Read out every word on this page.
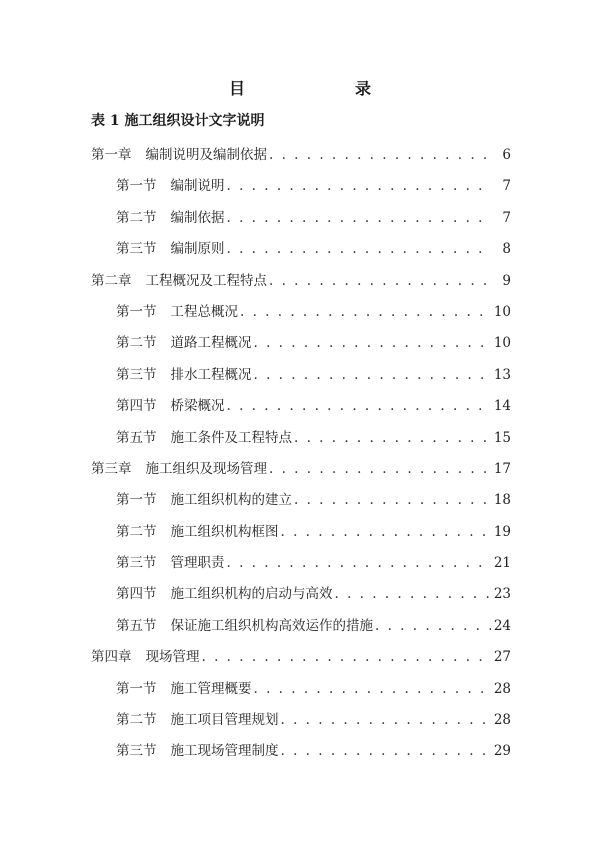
目　　录
表 1 施工组织设计文字说明
第一章 编制说明及编制依据 . . .	6
第一节 编制说明 . . .	7
第二节 编制依据 . . .	7
第三节 编制原则 . . .	8
第二章 工程概况及工程特点 . . .	9
第一节 工程总概况 . . .	10
第二节 道路工程概况 . . .	10
第三节 排水工程概况 . . .	13
第四节 桥梁概况 . . .	14
第五节 施工条件及工程特点 . . .	15
第三章 施工组织及现场管理 . . .	17
第一节 施工组织机构的建立 . . .	18
第二节 施工组织机构框图 . . .	19
第三节 管理职责 . . .	21
第四节 施工组织机构的启动与高效 . . .	23
第五节 保证施工组织机构高效运作的措施 . . .	24
第四章 现场管理 . . .	27
第一节 施工管理概要 . . .	28
第二节 施工项目管理规划 . . .	28
第三节 施工现场管理制度 . . .	29
